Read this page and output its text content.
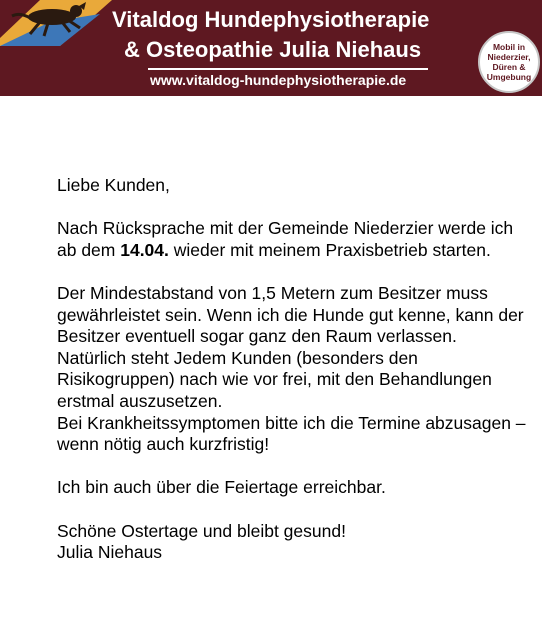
Vitaldog Hundephysiotherapie
& Osteopathie Julia Niehaus
www.vitaldog-hundephysiotherapie.de
Mobil in
Niederzier,
Düren &
Umgebung

Liebe Kunden,

Nach Rücksprache mit der Gemeinde Niederzier werde ich ab dem 14.04. wieder mit meinem Praxisbetrieb starten.

Der Mindestabstand von 1,5 Metern zum Besitzer muss gewährleistet sein. Wenn ich die Hunde gut kenne, kann der Besitzer eventuell sogar ganz den Raum verlassen.

Natürlich steht Jedem Kunden (besonders den Risikogruppen) nach wie vor frei, mit den Behandlungen erstmal auszusetzen.

Bei Krankheitssymptomen bitte ich die Termine abzusagen – wenn nötig auch kurzfristig!

Ich bin auch über die Feiertage erreichbar.

Schöne Ostertage und bleibt gesund!

Julia Niehaus
